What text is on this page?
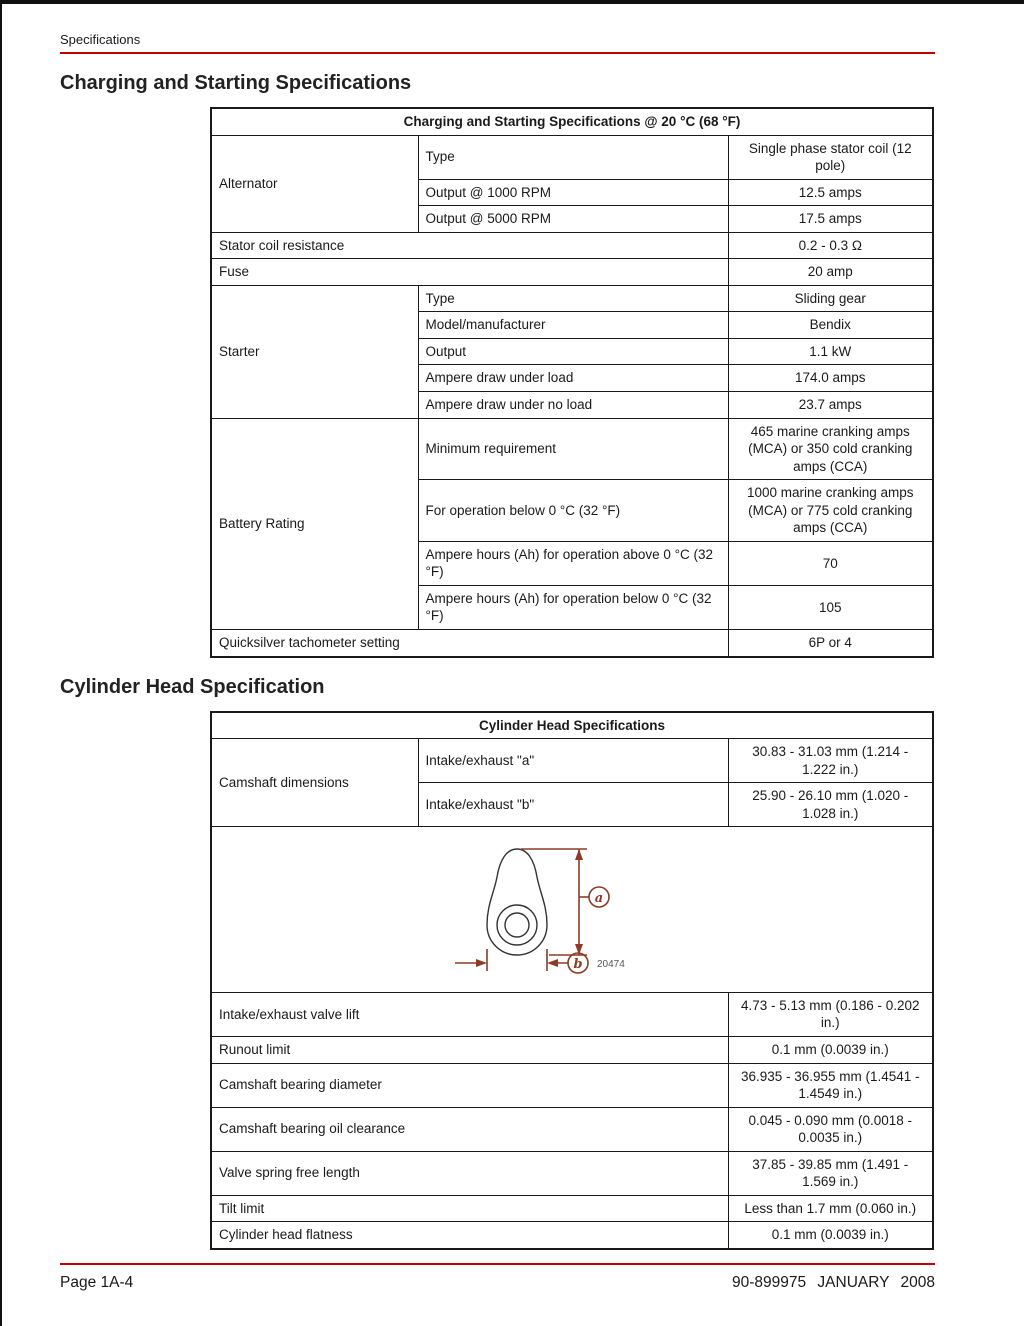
Specifications
Charging and Starting Specifications
Charging and Starting Specifications @ 20 °C (68 °F)		
Alternator	Type	Single phase stator coil (12 pole)
	Output @ 1000 RPM	12.5 amps
	Output @ 5000 RPM	17.5 amps
Stator coil resistance		0.2 - 0.3 Ω
Fuse		20 amp
Starter	Type	Sliding gear
	Model/manufacturer	Bendix
	Output	1.1 kW
	Ampere draw under load	174.0 amps
	Ampere draw under no load	23.7 amps
Battery Rating	Minimum requirement	465 marine cranking amps (MCA) or 350 cold cranking amps (CCA)
	For operation below 0 °C (32 °F)	1000 marine cranking amps (MCA) or 775 cold cranking amps (CCA)
	Ampere hours (Ah) for operation above 0 °C (32 °F)	70
	Ampere hours (Ah) for operation below 0 °C (32 °F)	105
Quicksilver tachometer setting		6P or 4
Cylinder Head Specification
Cylinder Head Specifications		
Camshaft dimensions	Intake/exhaust "a"	30.83 - 31.03 mm (1.214 - 1.222 in.)
	Intake/exhaust "b"	25.90 - 26.10 mm (1.020 - 1.028 in.)

a
b 20474		

Intake/exhaust valve lift		4.73 - 5.13 mm (0.186 - 0.202 in.)
Runout limit		0.1 mm (0.0039 in.)
Camshaft bearing diameter		36.935 - 36.955 mm (1.4541 - 1.4549 in.)
Camshaft bearing oil clearance		0.045 - 0.090 mm (0.0018 - 0.0035 in.)
Valve spring free length		37.85 - 39.85 mm (1.491 - 1.569 in.)
Tilt limit		Less than 1.7 mm (0.060 in.)
Cylinder head flatness		0.1 mm (0.0039 in.)
Page 1A-4	90-899975 JANUARY 2008
